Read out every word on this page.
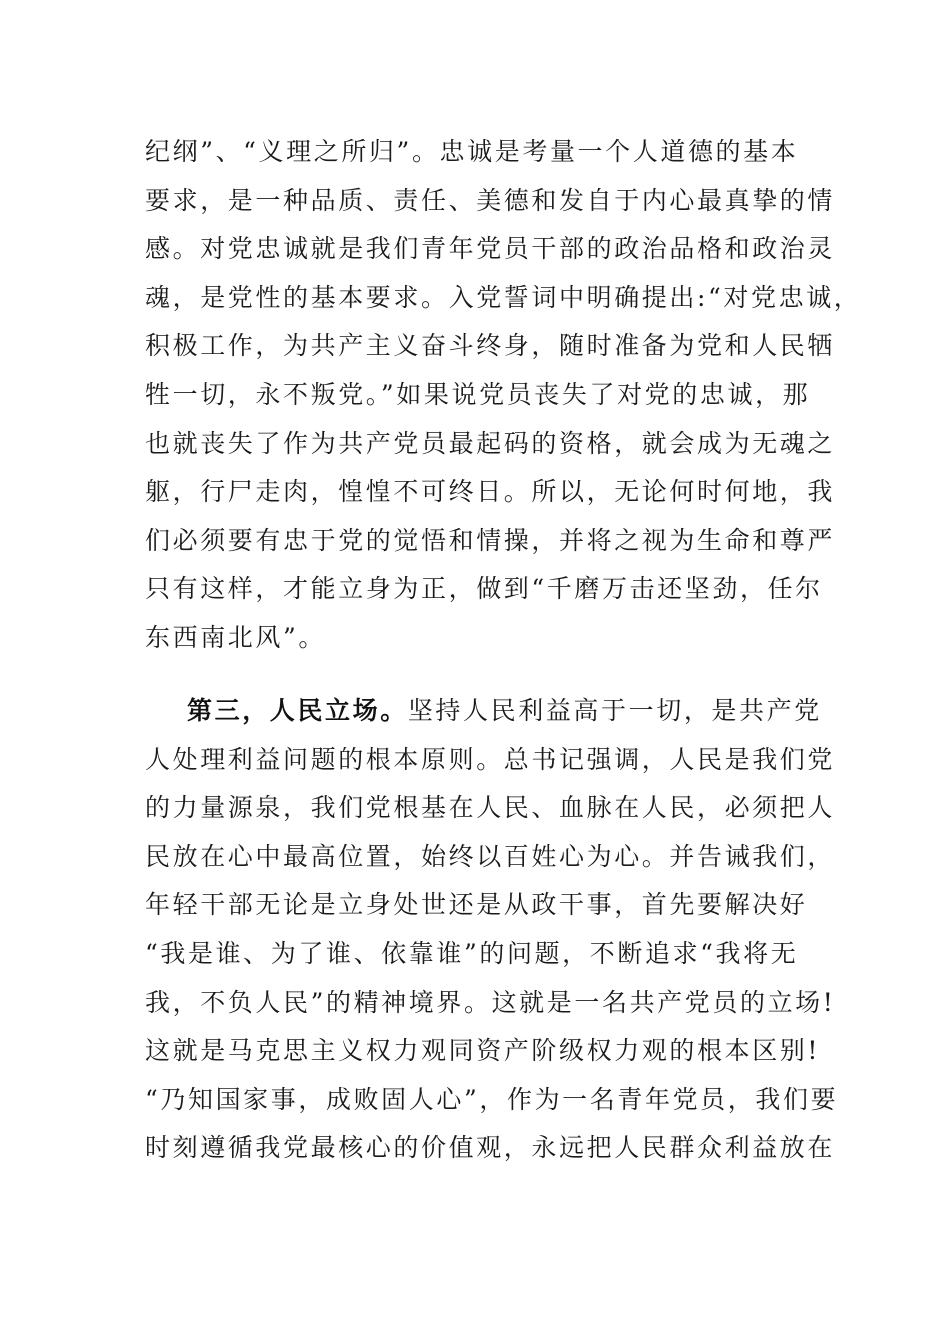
纪纲”、“义理之所归”。忠诚是考量一个人道德的基本
要求，是一种品质、责任、美德和发自于内心最真挚的情
感。对党忠诚就是我们青年党员干部的政治品格和政治灵
魂，是党性的基本要求。入党誓词中明确提出:“对党忠诚，
积极工作，为共产主义奋斗终身，随时准备为党和人民牺
牲一切，永不叛党。”如果说党员丧失了对党的忠诚，那
也就丧失了作为共产党员最起码的资格，就会成为无魂之
躯，行尸走肉，惶惶不可终日。所以，无论何时何地，我
们必须要有忠于党的觉悟和情操，并将之视为生命和尊严
只有这样，才能立身为正，做到“千磨万击还坚劲，任尔
东西南北风”。
第三，人民立场。坚持人民利益高于一切，是共产党
人处理利益问题的根本原则。总书记强调，人民是我们党
的力量源泉，我们党根基在人民、血脉在人民，必须把人
民放在心中最高位置，始终以百姓心为心。并告诫我们，
年轻干部无论是立身处世还是从政干事，首先要解决好
“我是谁、为了谁、依靠谁”的问题，不断追求“我将无
我，不负人民”的精神境界。这就是一名共产党员的立场!
这就是马克思主义权力观同资产阶级权力观的根本区别!
“乃知国家事，成败固人心”，作为一名青年党员，我们要
时刻遵循我党最核心的价值观，永远把人民群众利益放在
